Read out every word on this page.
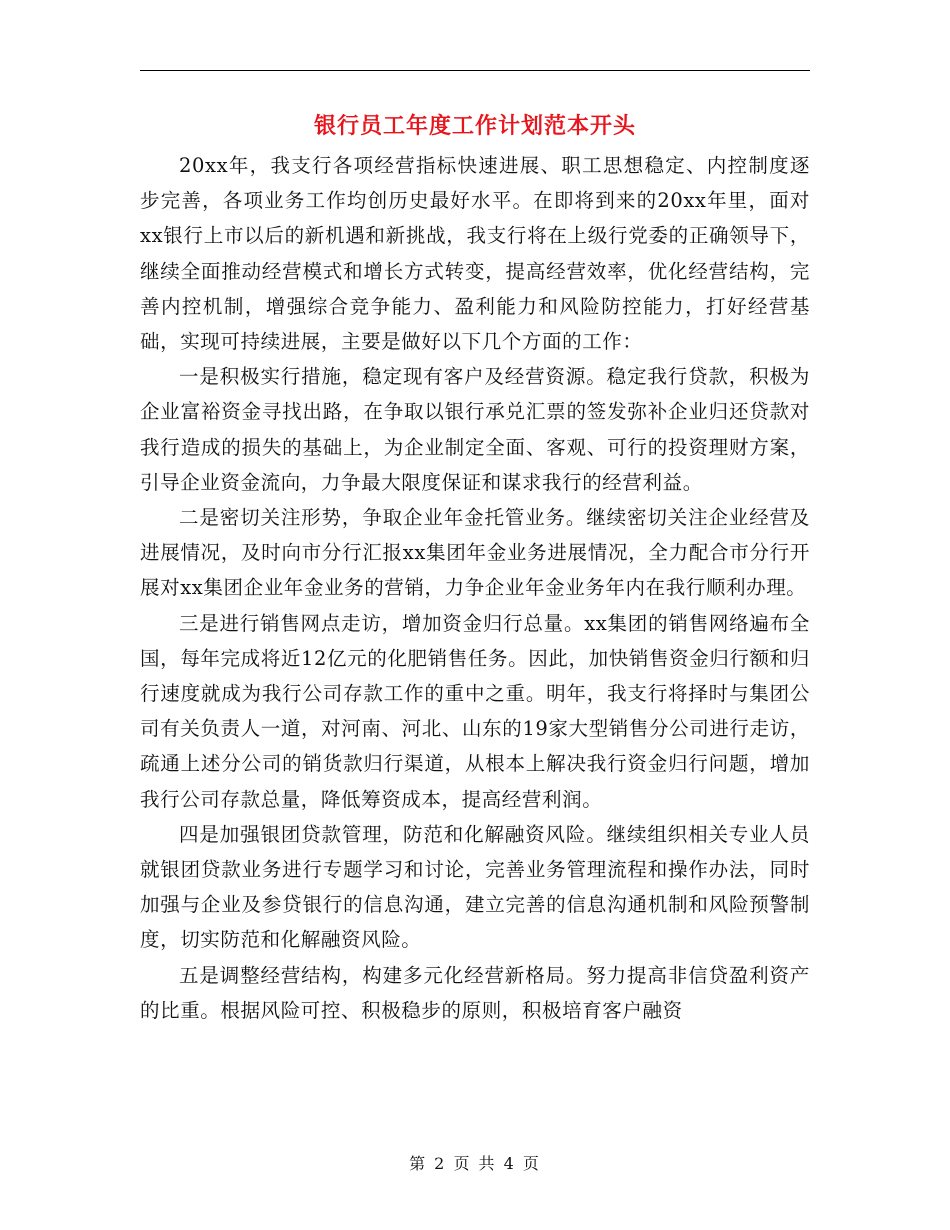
银行员工年度工作计划范本开头

20xx年，我支行各项经营指标快速进展、职工思想稳定、内控制度逐步完善，各项业务工作均创历史最好水平。在即将到来的20xx年里，面对xx银行上市以后的新机遇和新挑战，我支行将在上级行党委的正确领导下，继续全面推动经营模式和增长方式转变，提高经营效率，优化经营结构，完善内控机制，增强综合竞争能力、盈利能力和风险防控能力，打好经营基础，实现可持续进展，主要是做好以下几个方面的工作：

一是积极实行措施，稳定现有客户及经营资源。稳定我行贷款，积极为企业富裕资金寻找出路，在争取以银行承兑汇票的签发弥补企业归还贷款对我行造成的损失的基础上，为企业制定全面、客观、可行的投资理财方案，引导企业资金流向，力争最大限度保证和谋求我行的经营利益。

二是密切关注形势，争取企业年金托管业务。继续密切关注企业经营及进展情况，及时向市分行汇报xx集团年金业务进展情况，全力配合市分行开展对xx集团企业年金业务的营销，力争企业年金业务年内在我行顺利办理。

三是进行销售网点走访，增加资金归行总量。xx集团的销售网络遍布全国，每年完成将近12亿元的化肥销售任务。因此，加快销售资金归行额和归行速度就成为我行公司存款工作的重中之重。明年，我支行将择时与集团公司有关负责人一道，对河南、河北、山东的19家大型销售分公司进行走访，疏通上述分公司的销货款归行渠道，从根本上解决我行资金归行问题，增加我行公司存款总量，降低筹资成本，提高经营利润。

四是加强银团贷款管理，防范和化解融资风险。继续组织相关专业人员就银团贷款业务进行专题学习和讨论，完善业务管理流程和操作办法，同时加强与企业及参贷银行的信息沟通，建立完善的信息沟通机制和风险预警制度，切实防范和化解融资风险。

五是调整经营结构，构建多元化经营新格局。努力提高非信贷盈利资产的比重。根据风险可控、积极稳步的原则，积极培育客户融资

第 2 页 共 4 页
